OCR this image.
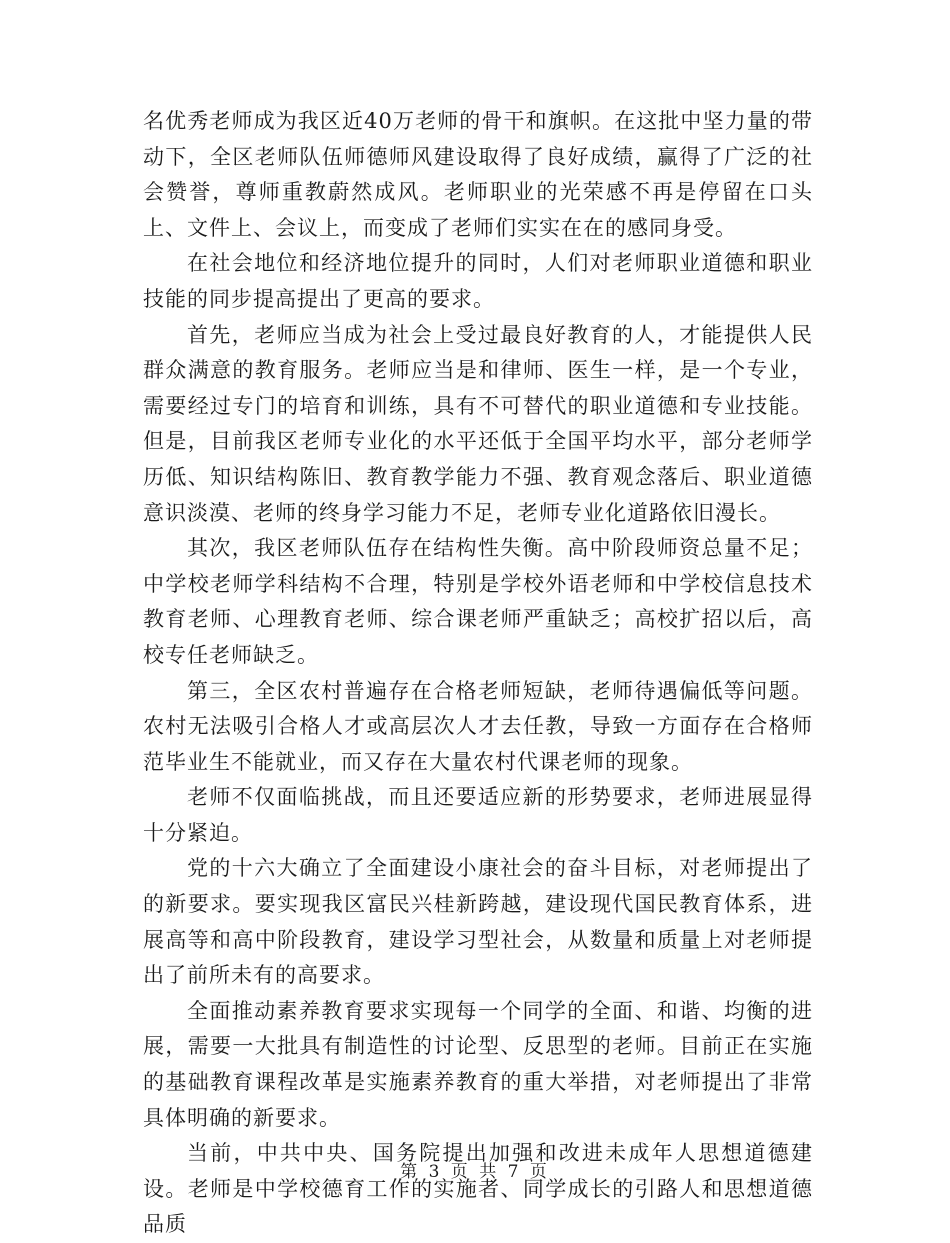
名优秀老师成为我区近40万老师的骨干和旗帜。在这批中坚力量的带动下，全区老师队伍师德师风建设取得了良好成绩，赢得了广泛的社会赞誉，尊师重教蔚然成风。老师职业的光荣感不再是停留在口头上、文件上、会议上，而变成了老师们实实在在的感同身受。

在社会地位和经济地位提升的同时，人们对老师职业道德和职业技能的同步提高提出了更高的要求。

首先，老师应当成为社会上受过最良好教育的人，才能提供人民群众满意的教育服务。老师应当是和律师、医生一样，是一个专业，需要经过专门的培育和训练，具有不可替代的职业道德和专业技能。但是，目前我区老师专业化的水平还低于全国平均水平，部分老师学历低、知识结构陈旧、教育教学能力不强、教育观念落后、职业道德意识淡漠、老师的终身学习能力不足，老师专业化道路依旧漫长。

其次，我区老师队伍存在结构性失衡。高中阶段师资总量不足；中学校老师学科结构不合理，特别是学校外语老师和中学校信息技术教育老师、心理教育老师、综合课老师严重缺乏；高校扩招以后，高校专任老师缺乏。

第三，全区农村普遍存在合格老师短缺，老师待遇偏低等问题。农村无法吸引合格人才或高层次人才去任教，导致一方面存在合格师范毕业生不能就业，而又存在大量农村代课老师的现象。

老师不仅面临挑战，而且还要适应新的形势要求，老师进展显得十分紧迫。

党的十六大确立了全面建设小康社会的奋斗目标，对老师提出了的新要求。要实现我区富民兴桂新跨越，建设现代国民教育体系，进展高等和高中阶段教育，建设学习型社会，从数量和质量上对老师提出了前所未有的高要求。

全面推动素养教育要求实现每一个同学的全面、和谐、均衡的进展，需要一大批具有制造性的讨论型、反思型的老师。目前正在实施的基础教育课程改革是实施素养教育的重大举措，对老师提出了非常具体明确的新要求。

当前，中共中央、国务院提出加强和改进未成年人思想道德建设。老师是中学校德育工作的实施者、同学成长的引路人和思想道德品质

第 3 页 共 7 页
